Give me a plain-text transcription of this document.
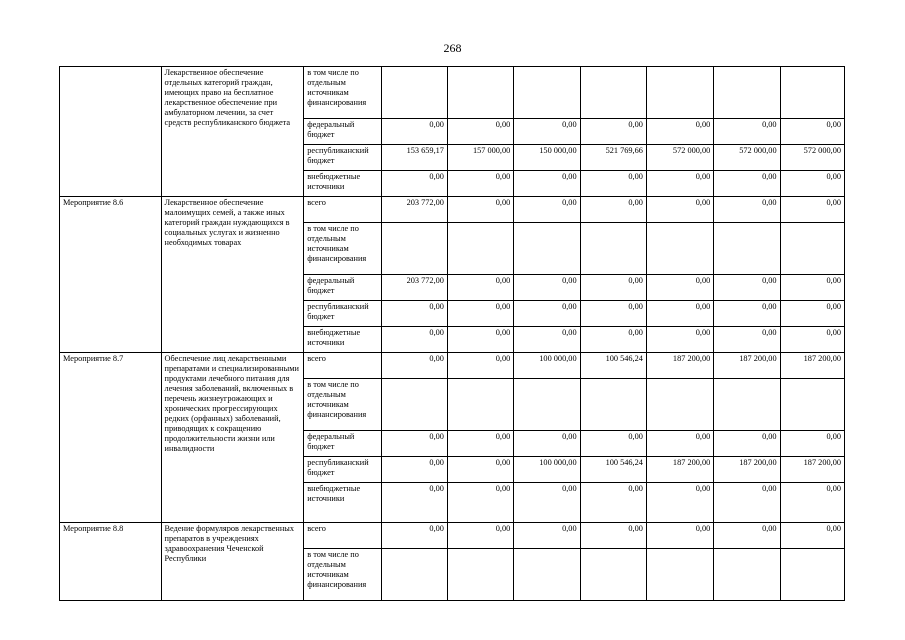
268
	Лекарственное обеспечение отдельных категорий граждан, имеющих право на бесплатное лекарственное обеспечение при амбулаторном лечении, за счет средств республиканского бюджета	в том числе по отдельным источникам финансирования							
		федеральный бюджет	0,00	0,00	0,00	0,00	0,00	0,00	0,00
		республиканский бюджет	153 659,17	157 000,00	150 000,00	521 769,66	572 000,00	572 000,00	572 000,00
		внебюджетные источники	0,00	0,00	0,00	0,00	0,00	0,00	0,00
Мероприятие 8.6	Лекарственное обеспечение малоимущих семей, а также иных категорий граждан нуждающихся в социальных услугах и жизненно необходимых товарах	всего	203 772,00	0,00	0,00	0,00	0,00	0,00	0,00
		в том числе по отдельным источникам финансирования							
		федеральный бюджет	203 772,00	0,00	0,00	0,00	0,00	0,00	0,00
		республиканский бюджет	0,00	0,00	0,00	0,00	0,00	0,00	0,00
		внебюджетные источники	0,00	0,00	0,00	0,00	0,00	0,00	0,00
Мероприятие 8.7	Обеспечение лиц лекарственными препаратами и специализированными продуктами лечебного питания для лечения заболеваний, включенных в перечень жизнеугрожающих и хронических прогрессирующих редких (орфанных) заболеваний, приводящих к сокращению продолжительности жизни или инвалидности	всего	0,00	0,00	100 000,00	100 546,24	187 200,00	187 200,00	187 200,00
		в том числе по отдельным источникам финансирования							
		федеральный бюджет	0,00	0,00	0,00	0,00	0,00	0,00	0,00
		республиканский бюджет	0,00	0,00	100 000,00	100 546,24	187 200,00	187 200,00	187 200,00
		внебюджетные источники	0,00	0,00	0,00	0,00	0,00	0,00	0,00
Мероприятие 8.8	Ведение формуляров лекарственных препаратов в учреждениях здравоохранения Чеченской Республики	всего	0,00	0,00	0,00	0,00	0,00	0,00	0,00
		в том числе по отдельным источникам финансирования							
